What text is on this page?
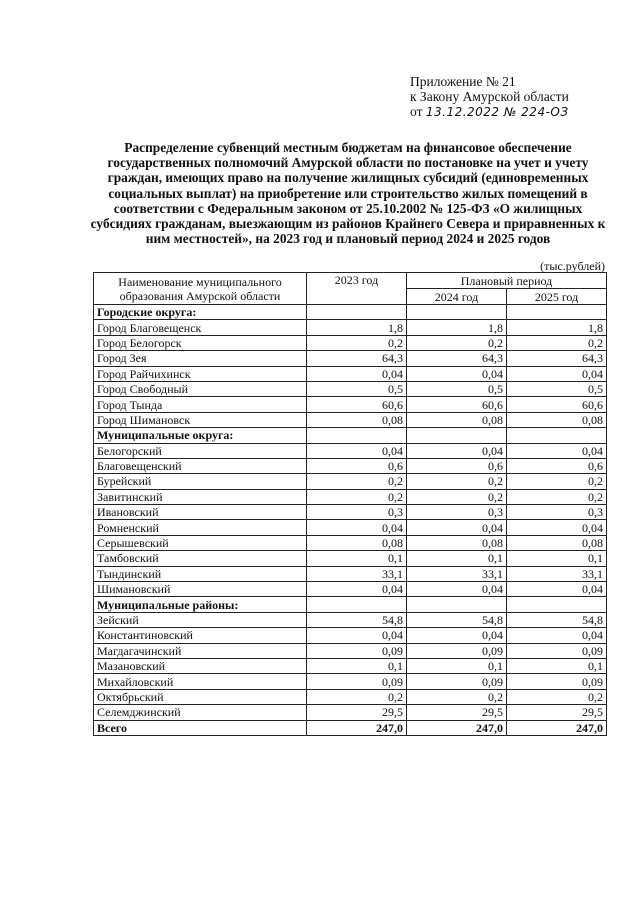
Приложение № 21
к Закону Амурской области
от 13.12.2022 № 224-ОЗ
Распределение субвенций местным бюджетам на финансовое обеспечение государственных полномочий Амурской области по постановке на учет и учету граждан, имеющих право на получение жилищных субсидий (единовременных социальных выплат) на приобретение или строительство жилых помещений в соответствии с Федеральным законом от 25.10.2002 № 125-ФЗ «О жилищных субсидиях гражданам, выезжающим из районов Крайнего Севера и приравненных к ним местностей», на 2023 год и плановый период 2024 и 2025 годов
(тыс.рублей)
Наименование муниципального
образования Амурской области	2023 год	Плановый период	
		2024 год	2025 год
Городские округа:			
Город Благовещенск	1,8	1,8	1,8
Город Белогорск	0,2	0,2	0,2
Город Зея	64,3	64,3	64,3
Город Райчихинск	0,04	0,04	0,04
Город Свободный	0,5	0,5	0,5
Город Тында	60,6	60,6	60,6
Город Шимановск	0,08	0,08	0,08
Муниципальные округа:			
Белогорский	0,04	0,04	0,04
Благовещенский	0,6	0,6	0,6
Бурейский	0,2	0,2	0,2
Завитинский	0,2	0,2	0,2
Ивановский	0,3	0,3	0,3
Ромненский	0,04	0,04	0,04
Серышевский	0,08	0,08	0,08
Тамбовский	0,1	0,1	0,1
Тындинский	33,1	33,1	33,1
Шимановский	0,04	0,04	0,04
Муниципальные районы:			
Зейский	54,8	54,8	54,8
Константиновский	0,04	0,04	0,04
Магдагачинский	0,09	0,09	0,09
Мазановский	0,1	0,1	0,1
Михайловский	0,09	0,09	0,09
Октябрьский	0,2	0,2	0,2
Селемджинский	29,5	29,5	29,5
Всего	247,0	247,0	247,0
